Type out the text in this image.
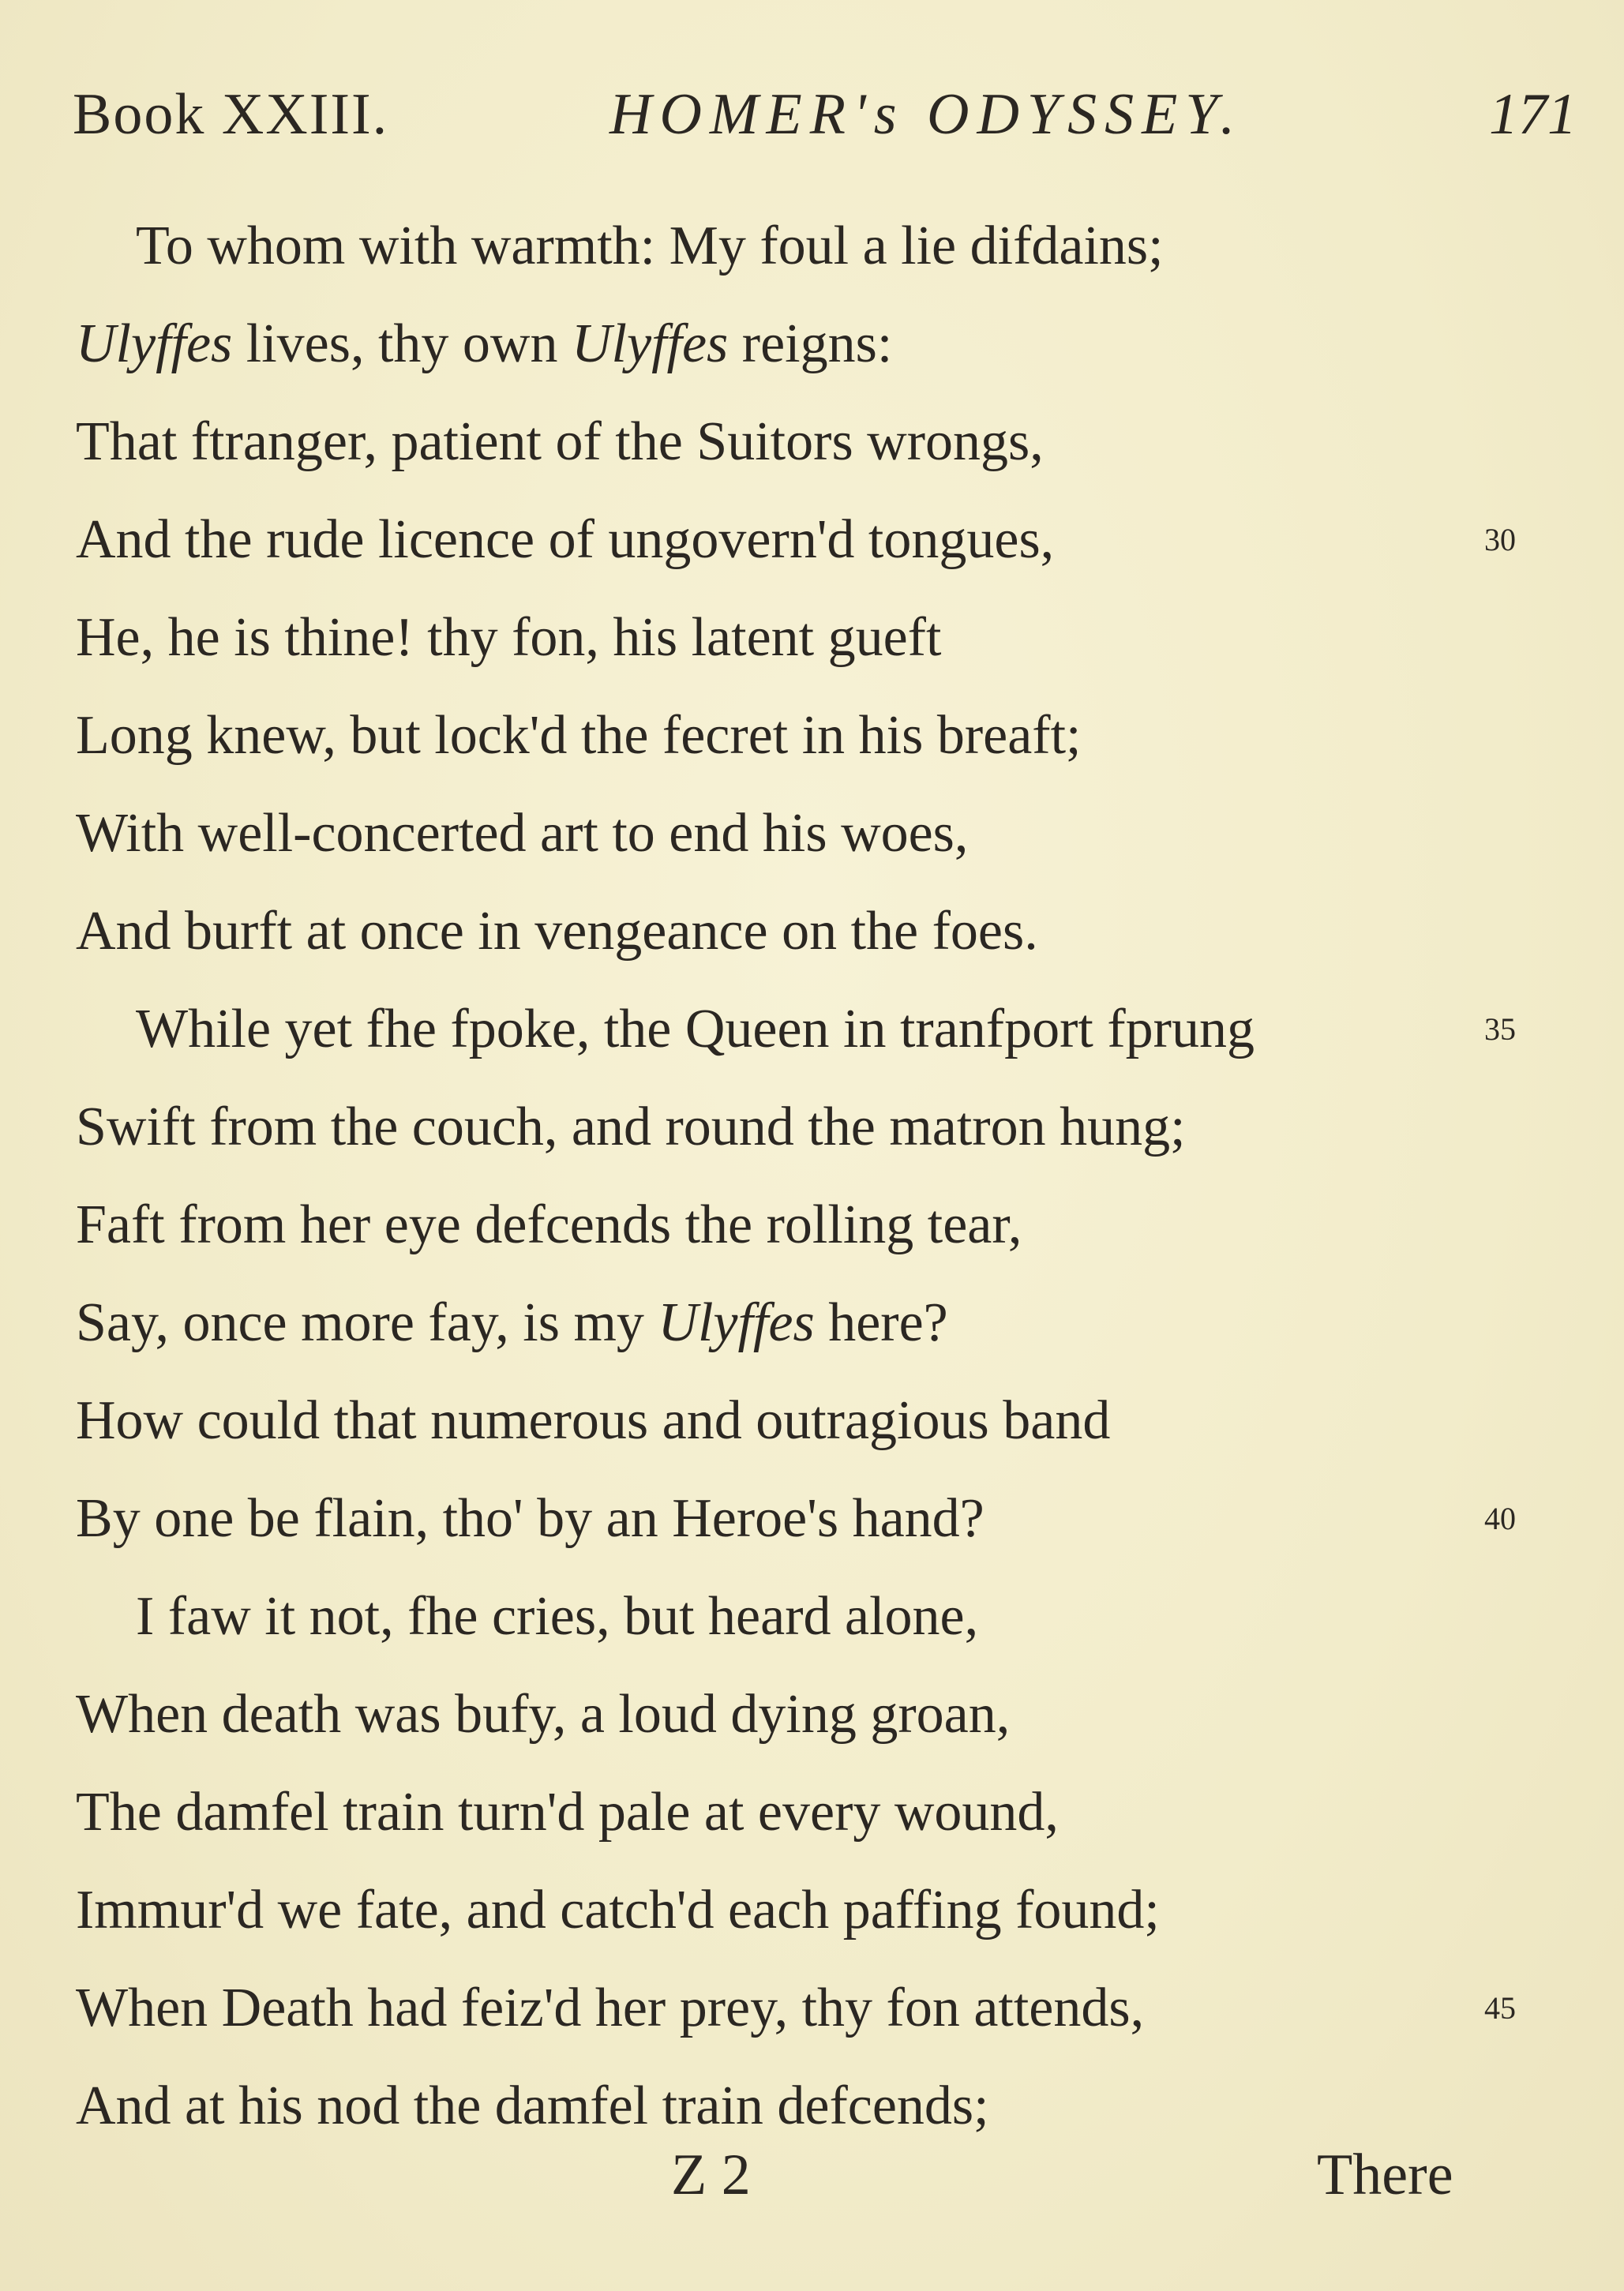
Book XXIII.	HOMER's ODYSSEY.	171
To whom with warmth: My foul a lie difdains;
Ulyffes lives, thy own Ulyffes reigns:
That ftranger, patient of the Suitors wrongs,
And the rude licence of ungovern'd tongues,	30
He, he is thine! thy fon, his latent gueft
Long knew, but lock'd the fecret in his breaft;
With well-concerted art to end his woes,
And burft at once in vengeance on the foes.
While yet fhe fpoke, the Queen in tranfport fprung	35
Swift from the couch, and round the matron hung;
Faft from her eye defcends the rolling tear,
Say, once more fay, is my Ulyffes here?
How could that numerous and outragious band
By one be flain, tho' by an Heroe's hand?	40
I faw it not, fhe cries, but heard alone,
When death was bufy, a loud dying groan,
The damfel train turn'd pale at every wound,
Immur'd we fate, and catch'd each paffing found;
When Death had feiz'd her prey, thy fon attends,	45
And at his nod the damfel train defcends;
Z 2	There
